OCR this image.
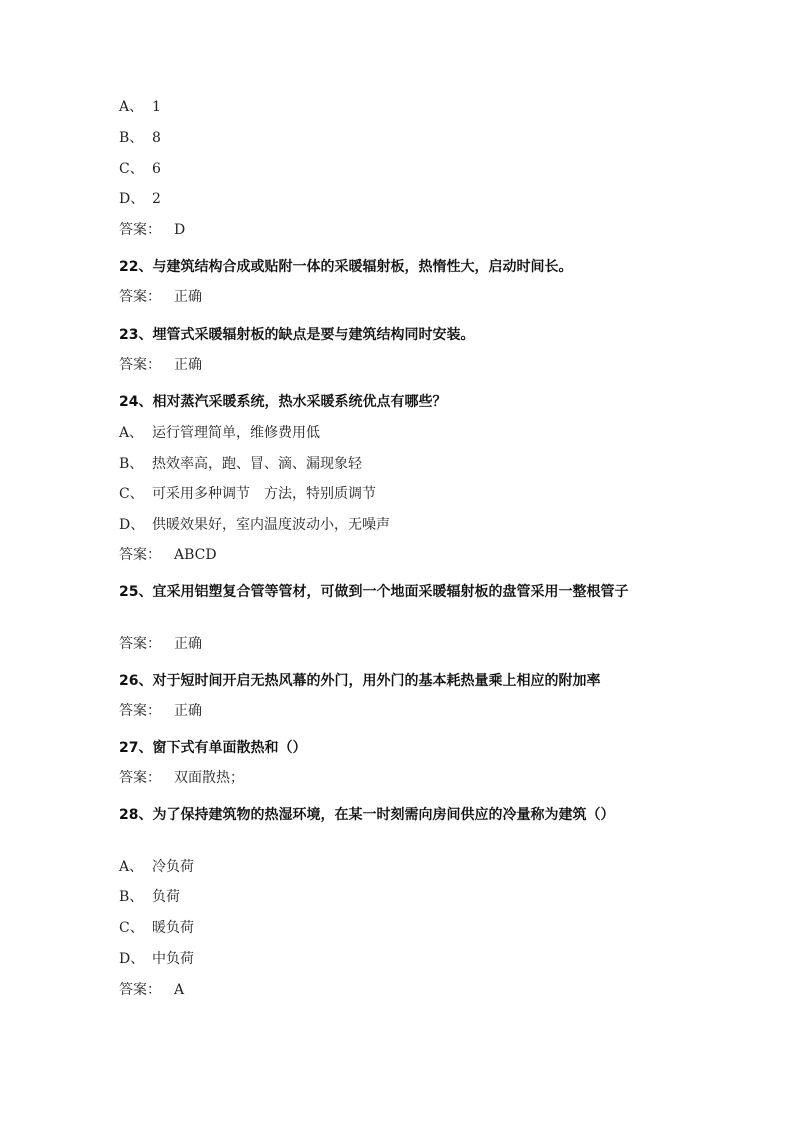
A、 1
B、 8
C、 6
D、 2
答案： D
22、与建筑结构合成或贴附一体的采暖辐射板，热惰性大，启动时间长。
答案： 正确
23、埋管式采暖辐射板的缺点是要与建筑结构同时安装。
答案： 正确
24、相对蒸汽采暖系统，热水采暖系统优点有哪些？
A、 运行管理简单，维修费用低
B、 热效率高，跑、冒、滴、漏现象轻
C、 可采用多种调节　方法，特别质调节
D、 供暖效果好，室内温度波动小，无噪声
答案： ABCD
25、宜采用铝塑复合管等管材，可做到一个地面采暖辐射板的盘管采用一整根管子
答案： 正确
26、对于短时间开启无热风幕的外门，用外门的基本耗热量乘上相应的附加率
答案： 正确
27、窗下式有单面散热和（）
答案： 双面散热；
28、为了保持建筑物的热湿环境，在某一时刻需向房间供应的冷量称为建筑（）
A、 冷负荷
B、 负荷
C、 暖负荷
D、 中负荷
答案： A
